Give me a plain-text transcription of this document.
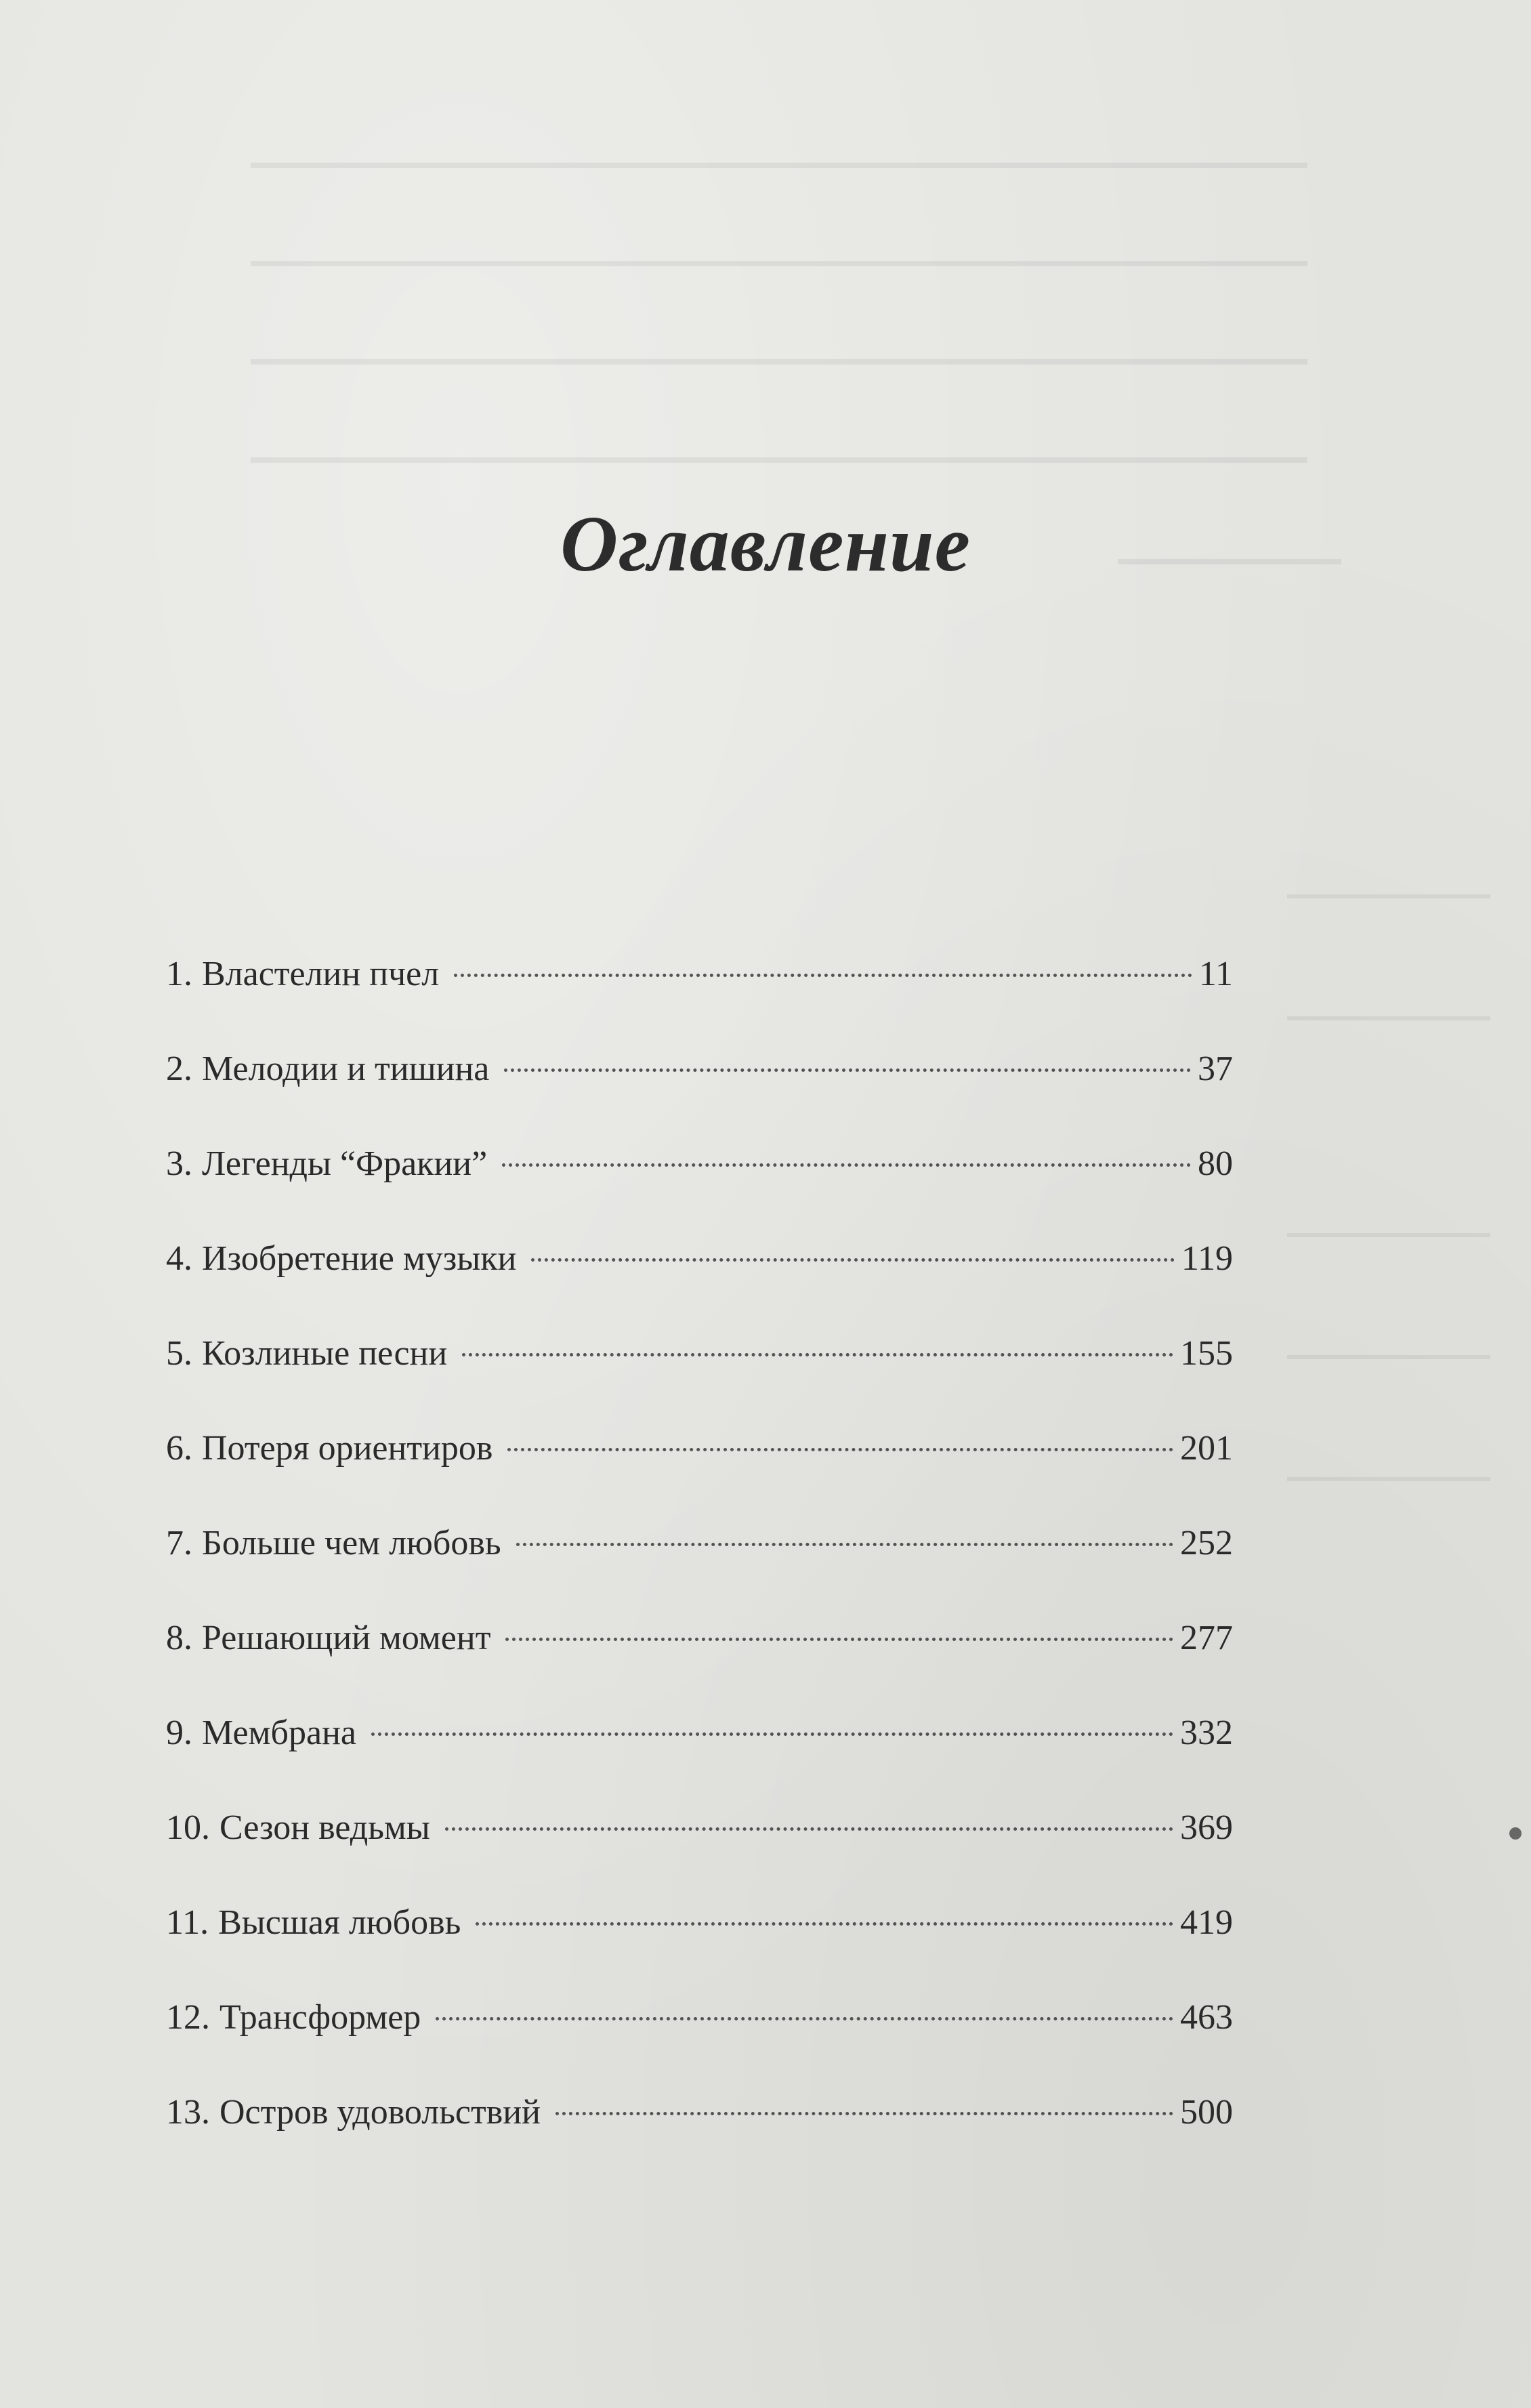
Оглавление
1. Властелин пчел	11
2. Мелодии и тишина	37
3. Легенды “Фракии”	80
4. Изобретение музыки	119
5. Козлиные песни	155
6. Потеря ориентиров	201
7. Больше чем любовь	252
8. Решающий момент	277
9. Мембрана	332
10. Сезон ведьмы	369
11. Высшая любовь	419
12. Трансформер	463
13. Остров удовольствий	500
